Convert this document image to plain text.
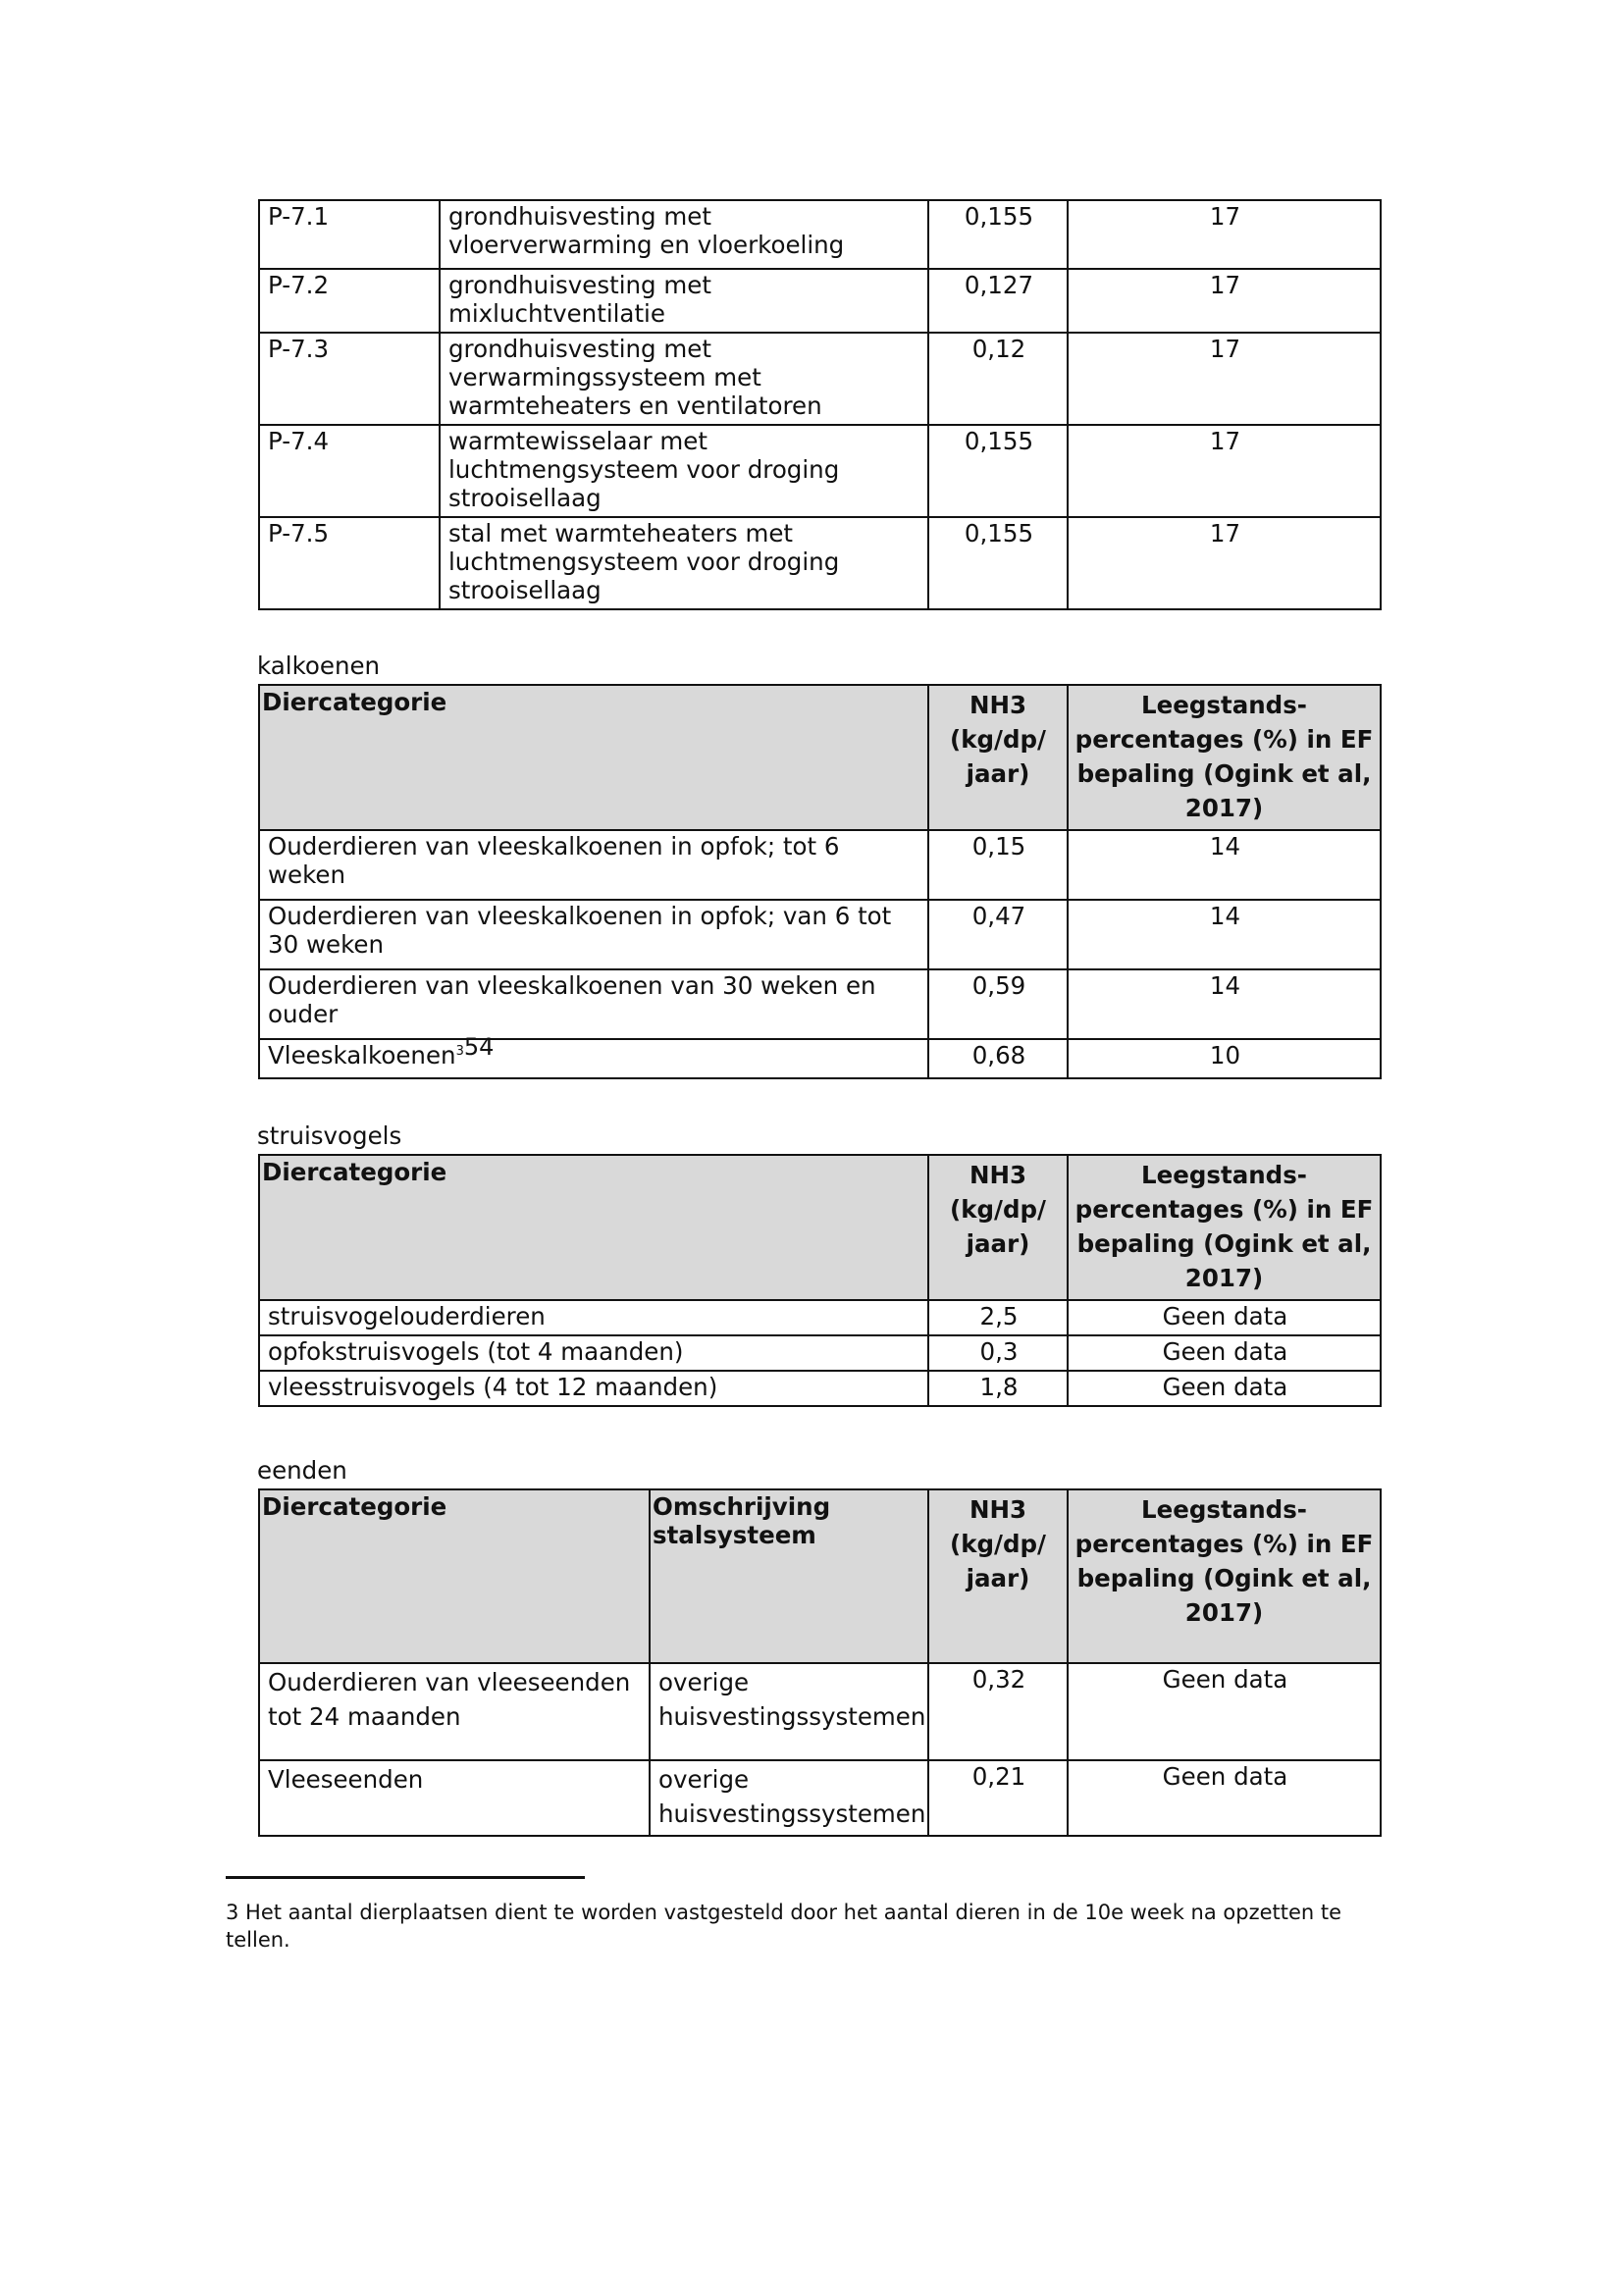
P-7.1	grondhuisvesting met vloerverwarming en vloerkoeling	0,155	17
P-7.2	grondhuisvesting met mixluchtventilatie	0,127	17
P-7.3	grondhuisvesting met verwarmingssysteem met warmteheaters en ventilatoren	0,12	17
P-7.4	warmtewisselaar met luchtmengsysteem voor droging strooisellaag	0,155	17
P-7.5	stal met warmteheaters met luchtmengsysteem voor droging strooisellaag	0,155	17
kalkoenen
Diercategorie	NH3 (kg/dp/ jaar)	Leegstands-percentages (%) in EF bepaling (Ogink et al, 2017)
Ouderdieren van vleeskalkoenen in opfok; tot 6 weken	0,15	14
Ouderdieren van vleeskalkoenen in opfok; van 6 tot 30 weken	0,47	14
Ouderdieren van vleeskalkoenen van 30 weken en ouder	0,59	14
Vleeskalkoenen$^{354}$	0,68	10
struisvogels
Diercategorie	NH3 (kg/dp/ jaar)	Leegstands-percentages (%) in EF bepaling (Ogink et al, 2017)
struisvogelouderdieren	2,5	Geen data
opfokstruisvogels (tot 4 maanden)	0,3	Geen data
vleesstruisvogels (4 tot 12 maanden)	1,8	Geen data
eenden
Diercategorie	Omschrijving stalsysteem	NH3 (kg/dp/ jaar)	Leegstands-percentages (%) in EF bepaling (Ogink et al, 2017)
Ouderdieren van vleeseenden tot 24 maanden	overige huisvestingssystemen	0,32	Geen data
Vleeseenden	overige huisvestingssystemen	0,21	Geen data
3 Het aantal dierplaatsen dient te worden vastgesteld door het aantal dieren in de 10e week na opzetten te tellen.
